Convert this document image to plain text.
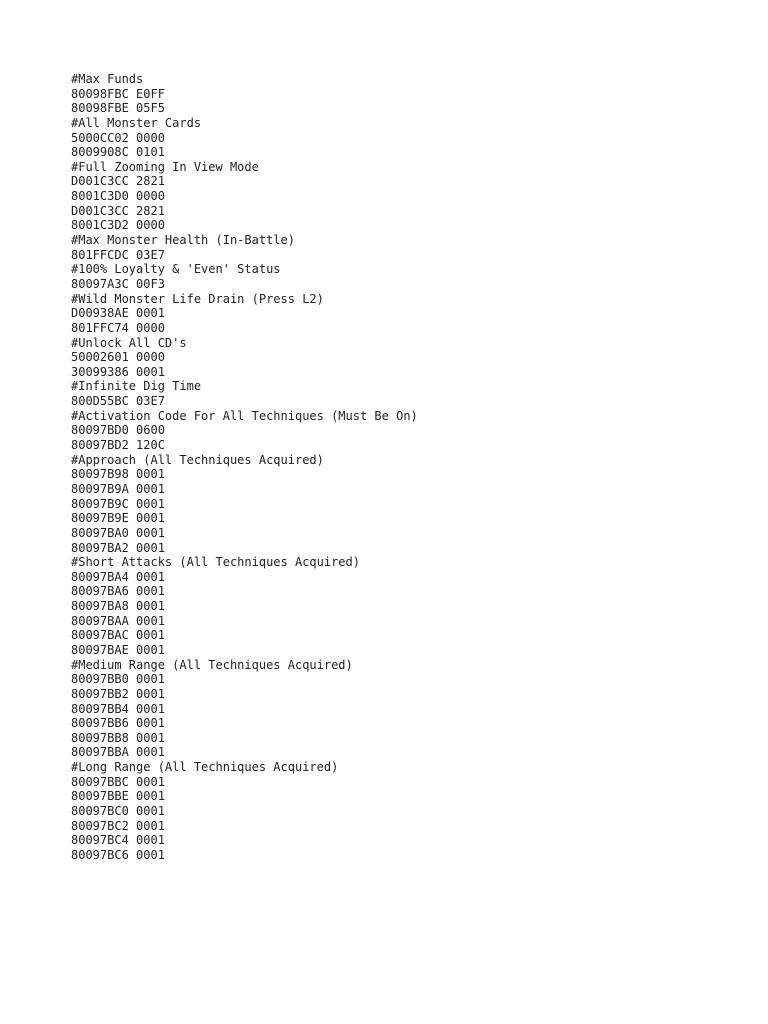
#Max Funds
80098FBC E0FF
80098FBE 05F5
#All Monster Cards
5000CC02 0000
8009908C 0101
#Full Zooming In View Mode
D001C3CC 2821
8001C3D0 0000
D001C3CC 2821
8001C3D2 0000
#Max Monster Health (In-Battle)
801FFCDC 03E7
#100% Loyalty & 'Even' Status
80097A3C 00F3
#Wild Monster Life Drain (Press L2)
D00938AE 0001
801FFC74 0000
#Unlock All CD's
50002601 0000
30099386 0001
#Infinite Dig Time
800D55BC 03E7
#Activation Code For All Techniques (Must Be On)
80097BD0 0600
80097BD2 120C
#Approach (All Techniques Acquired)
80097B98 0001
80097B9A 0001
80097B9C 0001
80097B9E 0001
80097BA0 0001
80097BA2 0001
#Short Attacks (All Techniques Acquired)
80097BA4 0001
80097BA6 0001
80097BA8 0001
80097BAA 0001
80097BAC 0001
80097BAE 0001
#Medium Range (All Techniques Acquired)
80097BB0 0001
80097BB2 0001
80097BB4 0001
80097BB6 0001
80097BB8 0001
80097BBA 0001
#Long Range (All Techniques Acquired)
80097BBC 0001
80097BBE 0001
80097BC0 0001
80097BC2 0001
80097BC4 0001
80097BC6 0001
